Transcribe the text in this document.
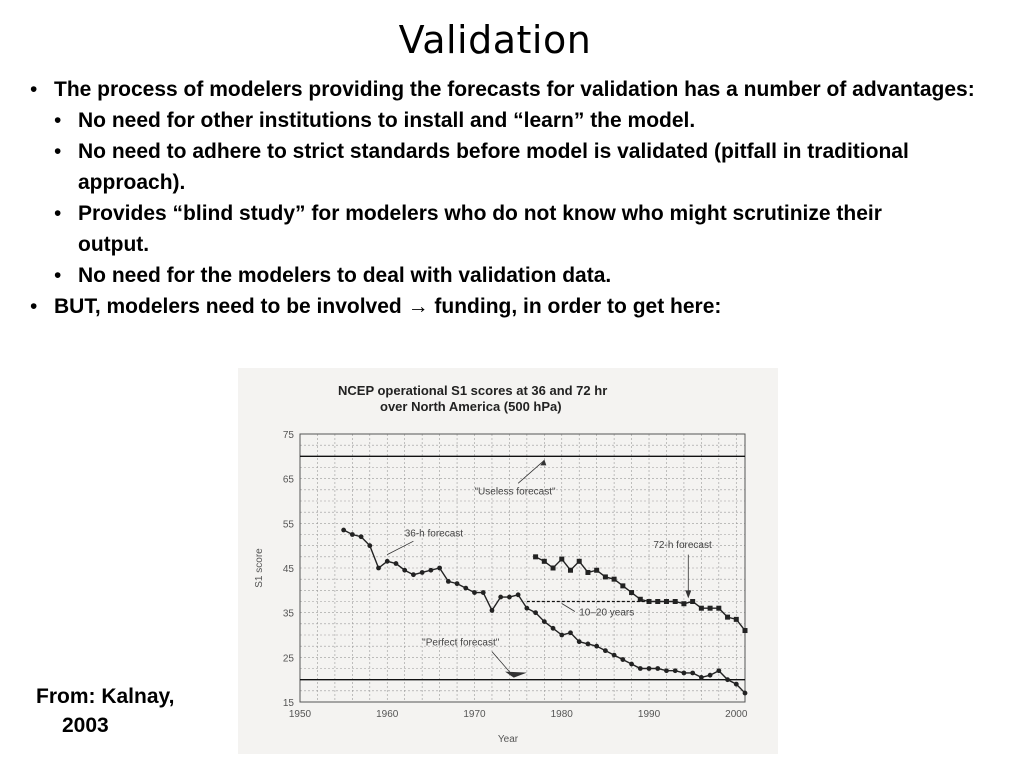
Validation
• The process of modelers providing the forecasts for validation has a number of advantages:
• No need for other institutions to install and “learn” the model.
• No need to adhere to strict standards before model is validated (pitfall in traditional approach).
• Provides “blind study” for modelers who do not know who might scrutinize their output.
• No need for the modelers to deal with validation data.
• BUT, modelers need to be involved → funding, in order to get here:
NCEP operational S1 scores at 36 and 72 hr
over North America (500 hPa)
Year
S1 score
1950	1960	1970	1980	1990	2000
15
25
35
45
55
65
75
"Useless forecast"
"Perfect forecast"
36-h forecast
72-h forecast
10–20 years
From: Kalnay,
2003
